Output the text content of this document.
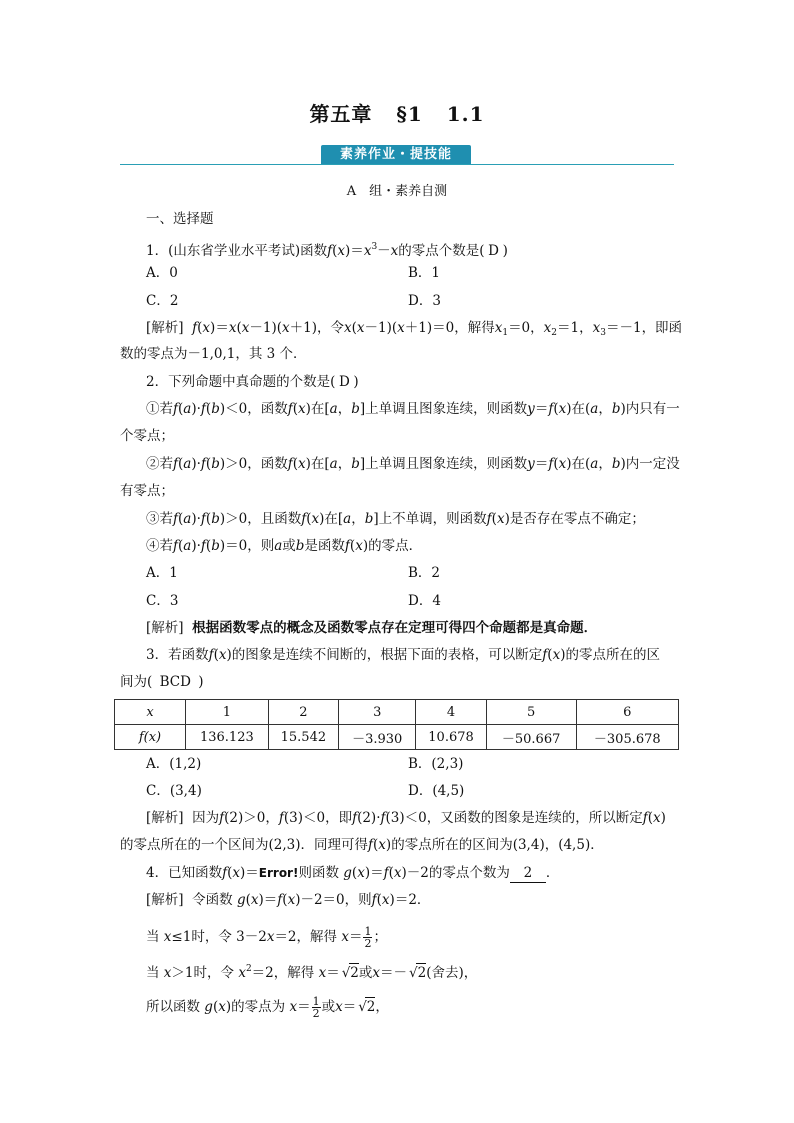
第五章 §1 1.1
素养作业・提技能
A　组・素养自测
一、选择题
1．(山东省学业水平考试)函数$f(x)=x^3-x$的零点个数是( D )
A．0	B．1
C．2	D．3
[解析] f(x)＝x(x－1)(x＋1)，令x(x－1)(x＋1)＝0，解得$x_1=0$，$x_2=1$，$x_3=-1$，即函
数的零点为－1,0,1，其 3 个．
2．下列命题中真命题的个数是( D )
①若f(a)·f(b)＜0，函数f(x)在[a，b]上单调且图象连续，则函数y＝f(x)在(a，b)内只有一
个零点；
②若f(a)·f(b)＞0，函数f(x)在[a，b]上单调且图象连续，则函数y＝f(x)在(a，b)内一定没
有零点；
③若f(a)·f(b)＞0，且函数f(x)在[a，b]上不单调，则函数f(x)是否存在零点不确定；
④若f(a)·f(b)＝0，则a或b是函数f(x)的零点．
A．1	B．2
C．3	D．4
[解析] 根据函数零点的概念及函数零点存在定理可得四个命题都是真命题．
3．若函数f(x)的图象是连续不间断的，根据下面的表格，可以断定f(x)的零点所在的区
间为( BCD )
x	1	2	3	4	5	6
f(x)	136.123	15.542	－3.930	10.678	－50.667	－305.678
A．(1,2)	B．(2,3)
C．(3,4)	D．(4,5)
[解析] 因为f(2)＞0，f(3)＜0，即f(2)·f(3)＜0，又函数的图象是连续的，所以断定f(x)
的零点所在的一个区间为(2,3)．同理可得f(x)的零点所在的区间为(3,4)，(4,5)．
4．已知函数f(x)＝Error!则函数 g(x)＝f(x)－2的零点个数为 2 ．
[解析] 令函数 g(x)＝f(x)－2＝0，则f(x)＝2．
当 x≤1时，令 3－2x＝2，解得 $x= \frac{1}{2}$ ；
当 x＞1时，令 $x^2=2$，解得 x＝ √ 2或x＝－ √ 2(舍去)，
所以函数 g(x)的零点为 $x= \frac{1}{2}$ 或x＝ √ 2，
